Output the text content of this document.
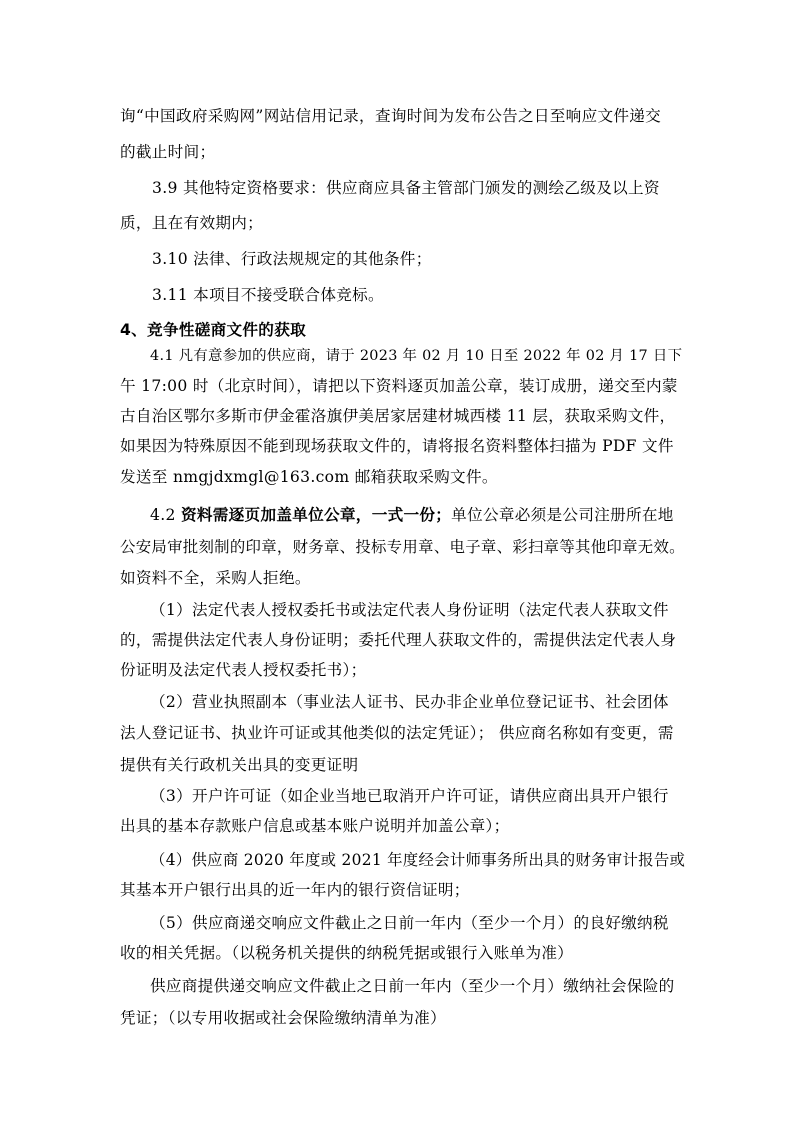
询“中国政府采购网”网站信用记录，查询时间为发布公告之日至响应文件递交
的截止时间；
3.9 其他特定资格要求：供应商应具备主管部门颁发的测绘乙级及以上资
质，且在有效期内；
3.10 法律、行政法规规定的其他条件；
3.11 本项目不接受联合体竞标。
4、竞争性磋商文件的获取
4.1 凡有意参加的供应商，请于 2023 年 02 月 10 日至 2022 年 02 月 17 日下
午 17:00 时（北京时间），请把以下资料逐页加盖公章，装订成册，递交至内蒙
古自治区鄂尔多斯市伊金霍洛旗伊美居家居建材城西楼 11 层，获取采购文件，
如果因为特殊原因不能到现场获取文件的，请将报名资料整体扫描为 PDF 文件
发送至 nmgjdxmgl@163.com 邮箱获取采购文件。
4.2 资料需逐页加盖单位公章，一式一份；单位公章必须是公司注册所在地
公安局审批刻制的印章，财务章、投标专用章、电子章、彩扫章等其他印章无效。
如资料不全，采购人拒绝。
（1）法定代表人授权委托书或法定代表人身份证明（法定代表人获取文件
的，需提供法定代表人身份证明；委托代理人获取文件的，需提供法定代表人身
份证明及法定代表人授权委托书）；
（2）营业执照副本（事业法人证书、民办非企业单位登记证书、社会团体
法人登记证书、执业许可证或其他类似的法定凭证）； 供应商名称如有变更，需
提供有关行政机关出具的变更证明
（3）开户许可证（如企业当地已取消开户许可证，请供应商出具开户银行
出具的基本存款账户信息或基本账户说明并加盖公章）；
（4）供应商 2020 年度或 2021 年度经会计师事务所出具的财务审计报告或
其基本开户银行出具的近一年内的银行资信证明；
（5）供应商递交响应文件截止之日前一年内（至少一个月）的良好缴纳税
收的相关凭据。（以税务机关提供的纳税凭据或银行入账单为准）
供应商提供递交响应文件截止之日前一年内（至少一个月）缴纳社会保险的
凭证；（以专用收据或社会保险缴纳清单为准）
